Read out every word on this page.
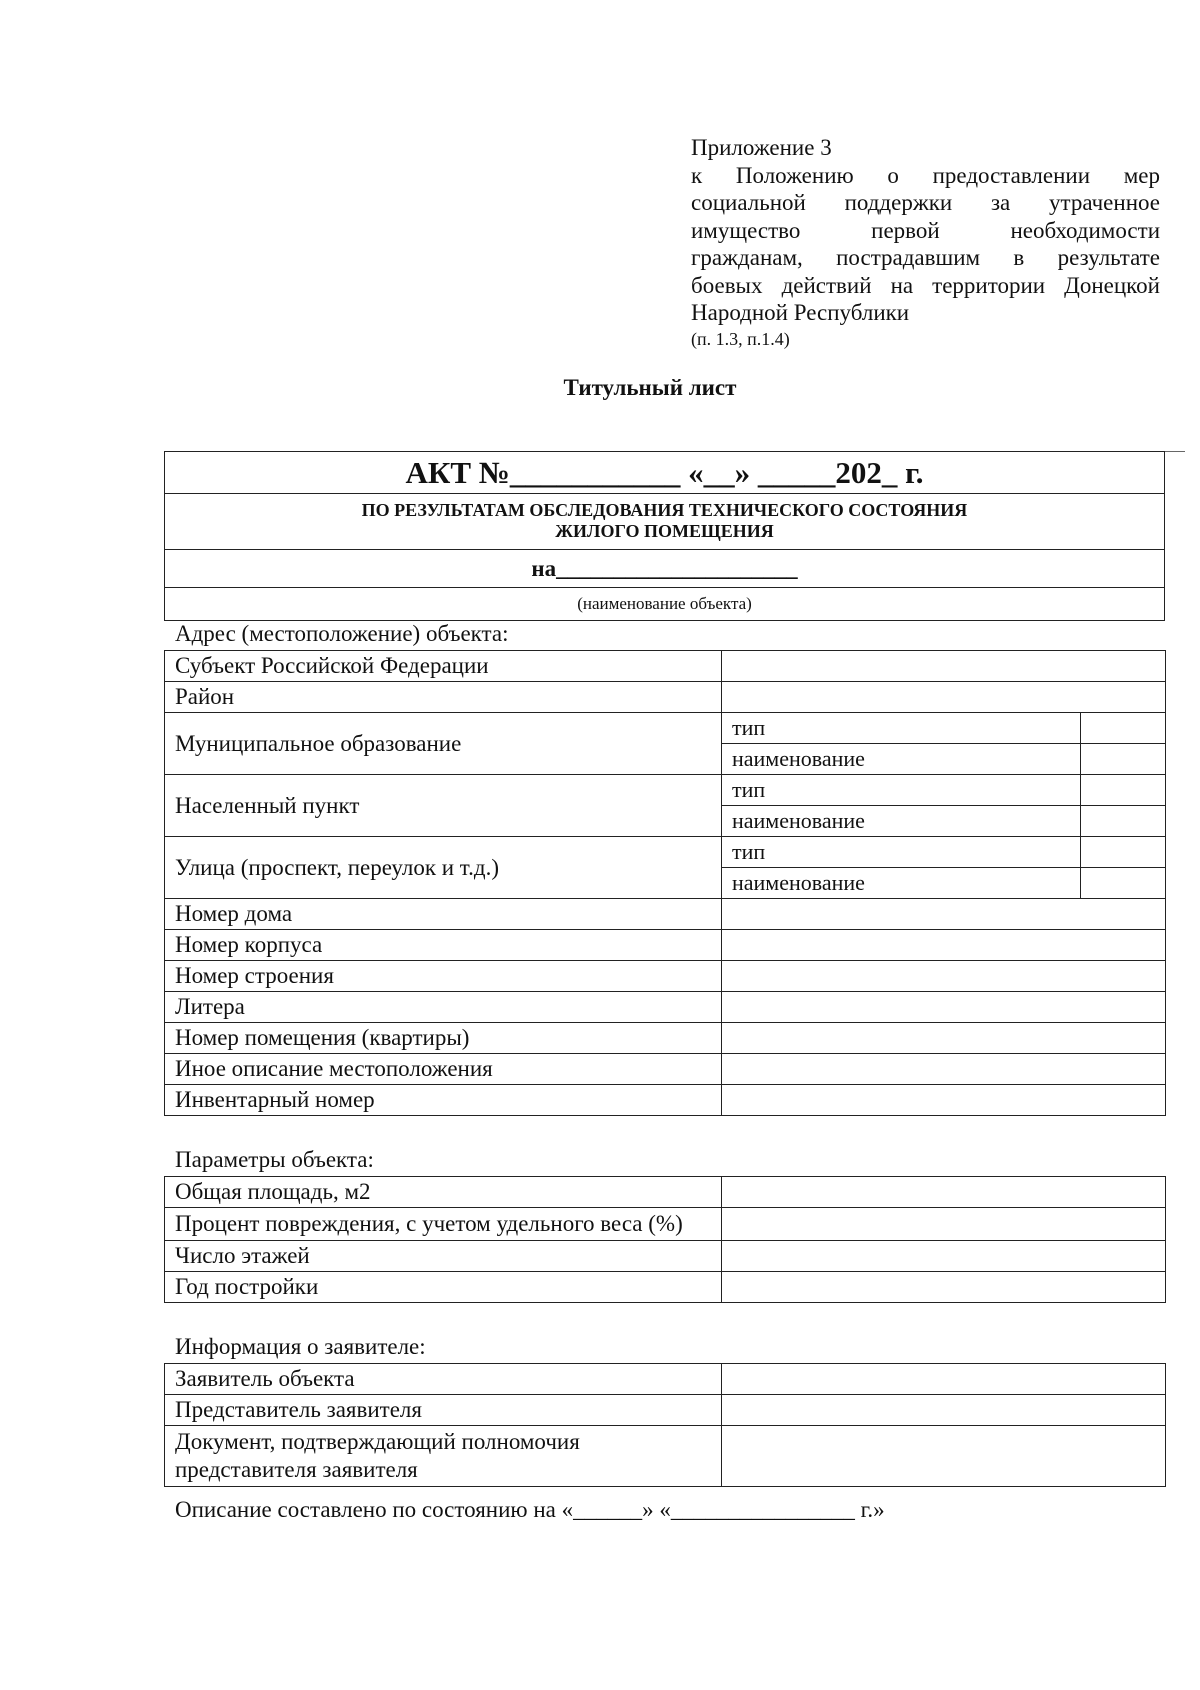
Приложение 3
к Положению о предоставлении мер
социальной поддержки за утраченное
имущество первой необходимости
гражданам, пострадавшим в результате
боевых действий на территории Донецкой
Народной Республики
(п. 1.3, п.1.4)
Титульный лист
АКТ №___________ «__» _____202_ г.
ПО РЕЗУЛЬТАТАМ ОБСЛЕДОВАНИЯ ТЕХНИЧЕСКОГО СОСТОЯНИЯ
ЖИЛОГО ПОМЕЩЕНИЯ
на_____________________
(наименование объекта)
Адрес (местоположение) объекта:
Субъект Российской Федерации		
Район		
Муниципальное образование	тип	
	наименование	
Населенный пункт	тип	
	наименование	
Улица (проспект, переулок и т.д.)	тип	
	наименование	
Номер дома		
Номер корпуса		
Номер строения		
Литера		
Номер помещения (квартиры)		
Иное описание местоположения		
Инвентарный номер		
Параметры объекта:
Общая площадь, м2	
Процент повреждения, с учетом удельного веса (%)	
Число этажей	
Год постройки	
Информация о заявителе:
Заявитель объекта	
Представитель заявителя	
Документ, подтверждающий полномочия представителя заявителя	
Описание составлено по состоянию на «______» «________________ г.»
